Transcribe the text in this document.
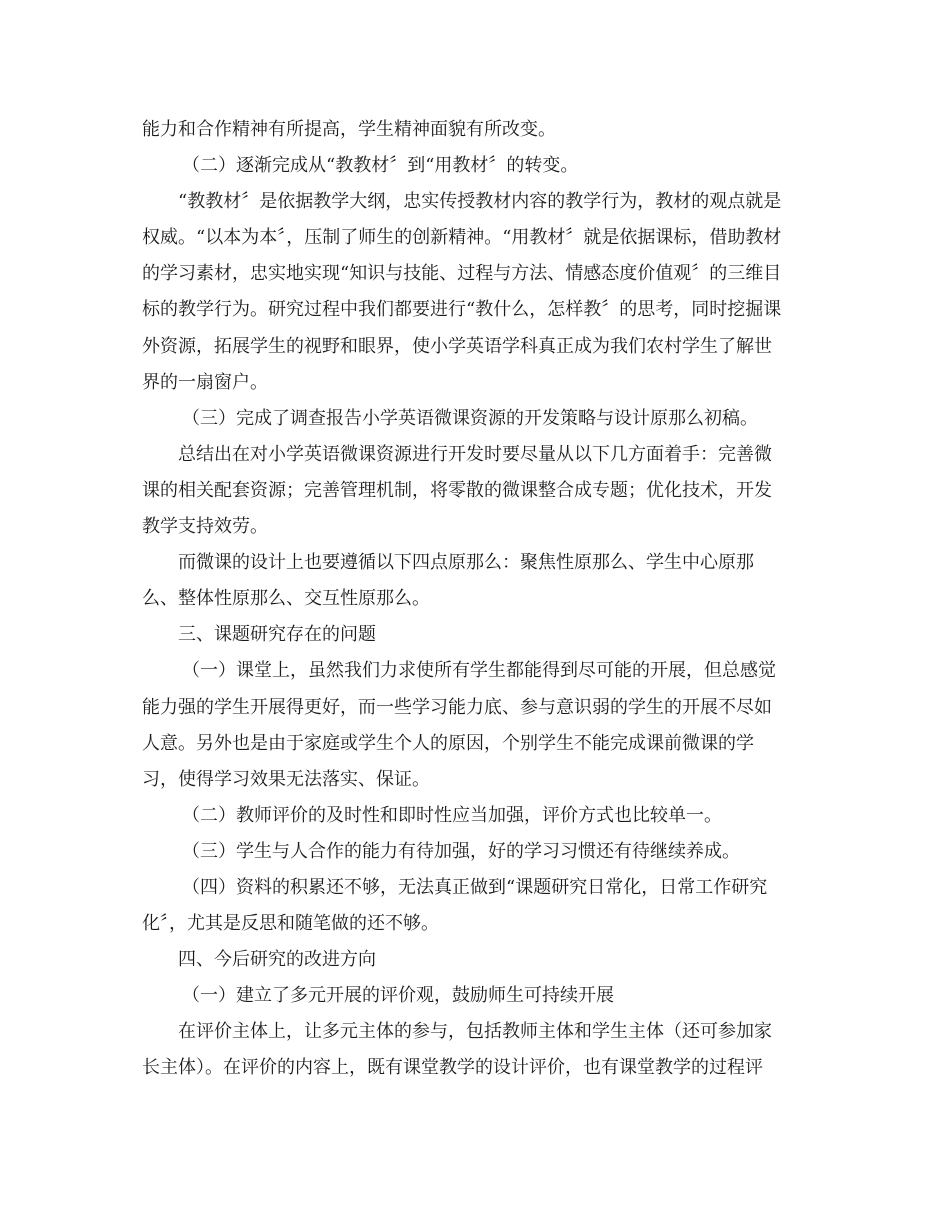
能力和合作精神有所提高，学生精神面貌有所改变。
（二）逐渐完成从“教教材〞到“用教材〞的转变。
“教教材〞是依据教学大纲，忠实传授教材内容的教学行为，教材的观点就是
权威。“以本为本〞，压制了师生的创新精神。“用教材〞就是依据课标，借助教材
的学习素材，忠实地实现“知识与技能、过程与方法、情感态度价值观〞的三维目
标的教学行为。研究过程中我们都要进行“教什么，怎样教〞的思考，同时挖掘课
外资源，拓展学生的视野和眼界，使小学英语学科真正成为我们农村学生了解世
界的一扇窗户。
（三）完成了调查报告小学英语微课资源的开发策略与设计原那么初稿。
总结出在对小学英语微课资源进行开发时要尽量从以下几方面着手：完善微
课的相关配套资源；完善管理机制，将零散的微课整合成专题；优化技术，开发
教学支持效劳。
而微课的设计上也要遵循以下四点原那么：聚焦性原那么、学生中心原那
么、整体性原那么、交互性原那么。
三、课题研究存在的问题
（一）课堂上，虽然我们力求使所有学生都能得到尽可能的开展，但总感觉
能力强的学生开展得更好，而一些学习能力底、参与意识弱的学生的开展不尽如
人意。另外也是由于家庭或学生个人的原因，个别学生不能完成课前微课的学
习，使得学习效果无法落实、保证。
（二）教师评价的及时性和即时性应当加强，评价方式也比较单一。
（三）学生与人合作的能力有待加强，好的学习习惯还有待继续养成。
（四）资料的积累还不够，无法真正做到“课题研究日常化，日常工作研究
化〞，尤其是反思和随笔做的还不够。
四、今后研究的改进方向
（一）建立了多元开展的评价观，鼓励师生可持续开展
在评价主体上，让多元主体的参与，包括教师主体和学生主体（还可参加家
长主体）。在评价的内容上，既有课堂教学的设计评价，也有课堂教学的过程评
